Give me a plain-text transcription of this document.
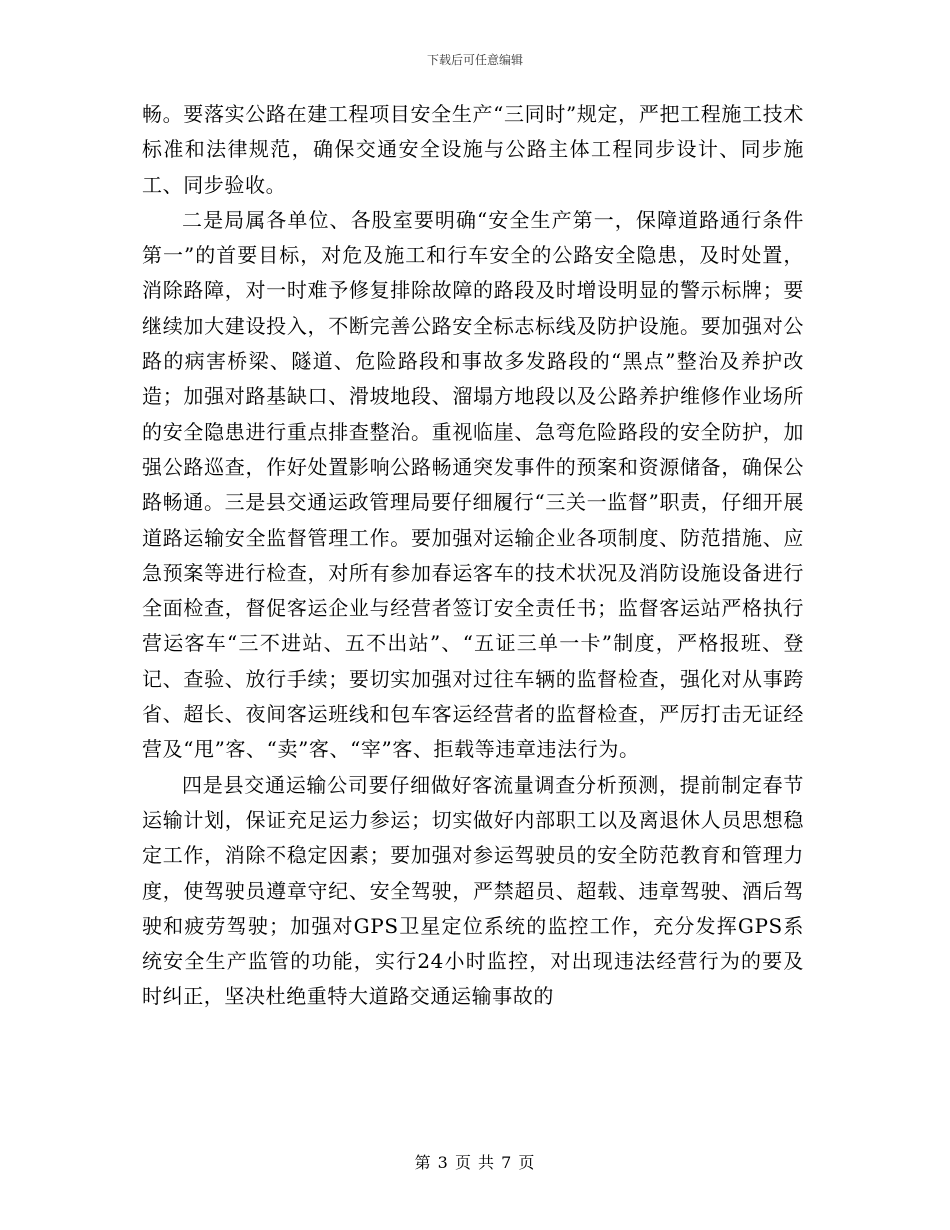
下载后可任意编辑

畅。要落实公路在建工程项目安全生产“三同时”规定，严把工程施工技术标准和法律规范，确保交通安全设施与公路主体工程同步设计、同步施工、同步验收。

二是局属各单位、各股室要明确“安全生产第一，保障道路通行条件第一”的首要目标，对危及施工和行车安全的公路安全隐患，及时处置，消除路障，对一时难予修复排除故障的路段及时增设明显的警示标牌；要继续加大建设投入，不断完善公路安全标志标线及防护设施。要加强对公路的病害桥梁、隧道、危险路段和事故多发路段的“黑点”整治及养护改造；加强对路基缺口、滑坡地段、溜塌方地段以及公路养护维修作业场所的安全隐患进行重点排查整治。重视临崖、急弯危险路段的安全防护，加强公路巡查，作好处置影响公路畅通突发事件的预案和资源储备，确保公路畅通。三是县交通运政管理局要仔细履行“三关一监督”职责，仔细开展道路运输安全监督管理工作。要加强对运输企业各项制度、防范措施、应急预案等进行检查，对所有参加春运客车的技术状况及消防设施设备进行全面检查，督促客运企业与经营者签订安全责任书；监督客运站严格执行营运客车“三不进站、五不出站”、“五证三单一卡”制度，严格报班、登记、查验、放行手续；要切实加强对过往车辆的监督检查，强化对从事跨省、超长、夜间客运班线和包车客运经营者的监督检查，严厉打击无证经营及“甩”客、“卖”客、“宰”客、拒载等违章违法行为。

四是县交通运输公司要仔细做好客流量调查分析预测，提前制定春节运输计划，保证充足运力参运；切实做好内部职工以及离退休人员思想稳定工作，消除不稳定因素；要加强对参运驾驶员的安全防范教育和管理力度，使驾驶员遵章守纪、安全驾驶，严禁超员、超载、违章驾驶、酒后驾驶和疲劳驾驶；加强对GPS卫星定位系统的监控工作，充分发挥GPS系统安全生产监管的功能，实行24小时监控，对出现违法经营行为的要及时纠正，坚决杜绝重特大道路交通运输事故的

第 3 页 共 7 页
